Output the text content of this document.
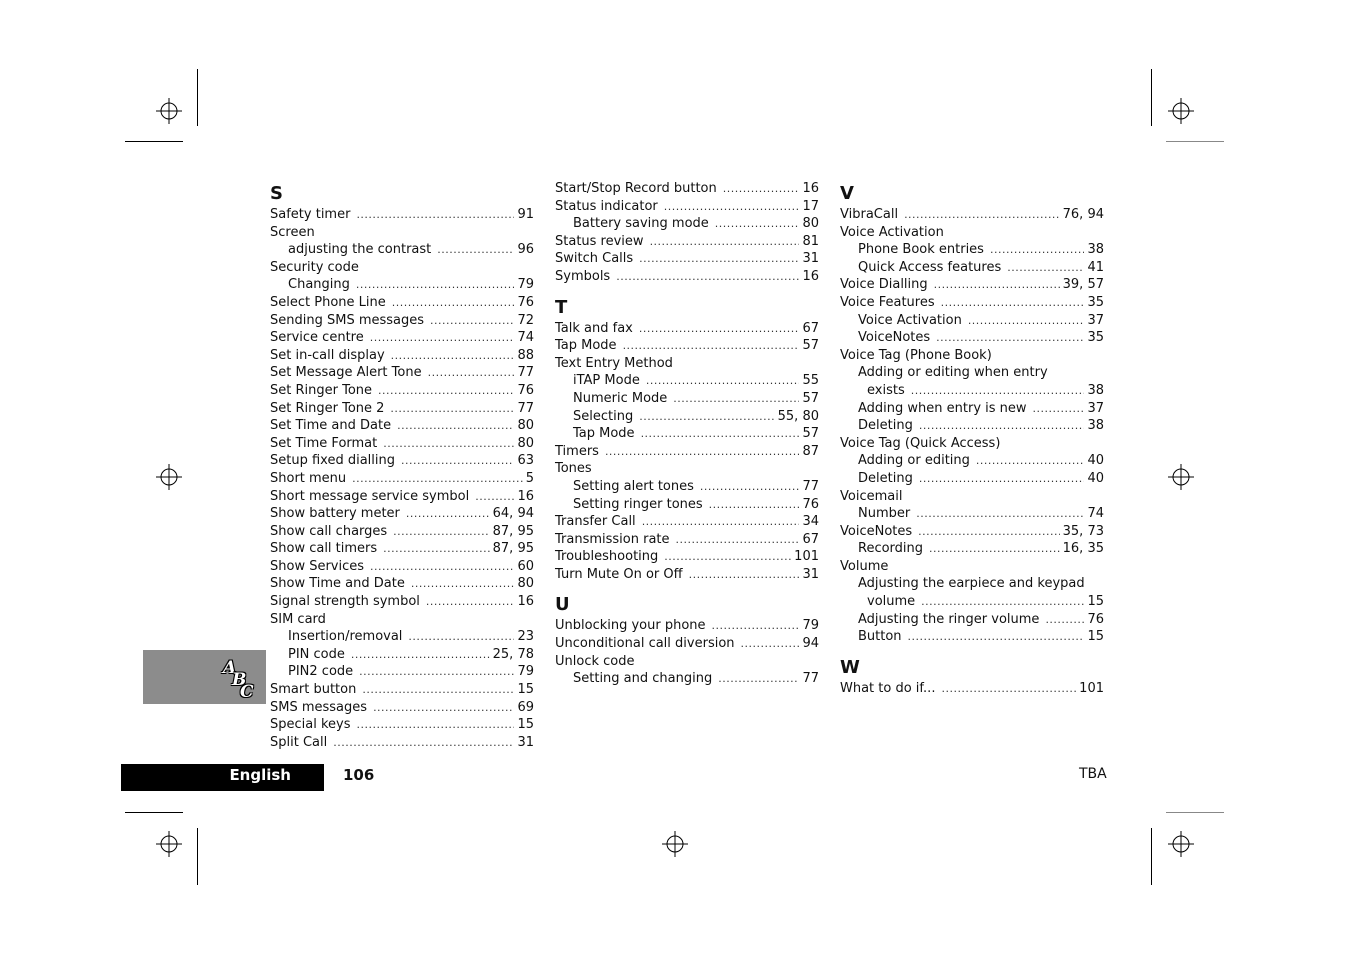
A
B
C
S
Safety timer .....	91
Screen
adjusting the contrast .....	96
Security code
Changing .....	79
Select Phone Line .....	76
Sending SMS messages .....	72
Service centre .....	74
Set in-call display .....	88
Set Message Alert Tone .....	77
Set Ringer Tone .....	76
Set Ringer Tone 2 .....	77
Set Time and Date .....	80
Set Time Format .....	80
Setup fixed dialling .....	63
Short menu .....	5
Short message service symbol .....	16
Show battery meter .....	64, 94
Show call charges .....	87, 95
Show call timers .....	87, 95
Show Services .....	60
Show Time and Date .....	80
Signal strength symbol .....	16
SIM card
Insertion/removal .....	23
PIN code .....	25, 78
PIN2 code .....	79
Smart button .....	15
SMS messages .....	69
Special keys .....	15
Split Call .....	31
Start/Stop Record button .....	16
Status indicator .....	17
Battery saving mode .....	80
Status review .....	81
Switch Calls .....	31
Symbols .....	16
T
Talk and fax .....	67
Tap Mode .....	57
Text Entry Method
iTAP Mode .....	55
Numeric Mode .....	57
Selecting .....	55, 80
Tap Mode .....	57
Timers .....	87
Tones
Setting alert tones .....	77
Setting ringer tones .....	76
Transfer Call .....	34
Transmission rate .....	67
Troubleshooting .....	101
Turn Mute On or Off .....	31
U
Unblocking your phone .....	79
Unconditional call diversion .....	94
Unlock code
Setting and changing .....	77
V
VibraCall .....	76, 94
Voice Activation
Phone Book entries .....	38
Quick Access features .....	41
Voice Dialling .....	39, 57
Voice Features .....	35
Voice Activation .....	37
VoiceNotes .....	35
Voice Tag (Phone Book)
Adding or editing when entry
exists .....	38
Adding when entry is new .....	37
Deleting .....	38
Voice Tag (Quick Access)
Adding or editing .....	40
Deleting .....	40
Voicemail
Number .....	74
VoiceNotes .....	35, 73
Recording .....	16, 35
Volume
Adjusting the earpiece and keypad
volume .....	15
Adjusting the ringer volume .....	76
Button .....	15
W
What to do if... .....	101
English	106	TBA
